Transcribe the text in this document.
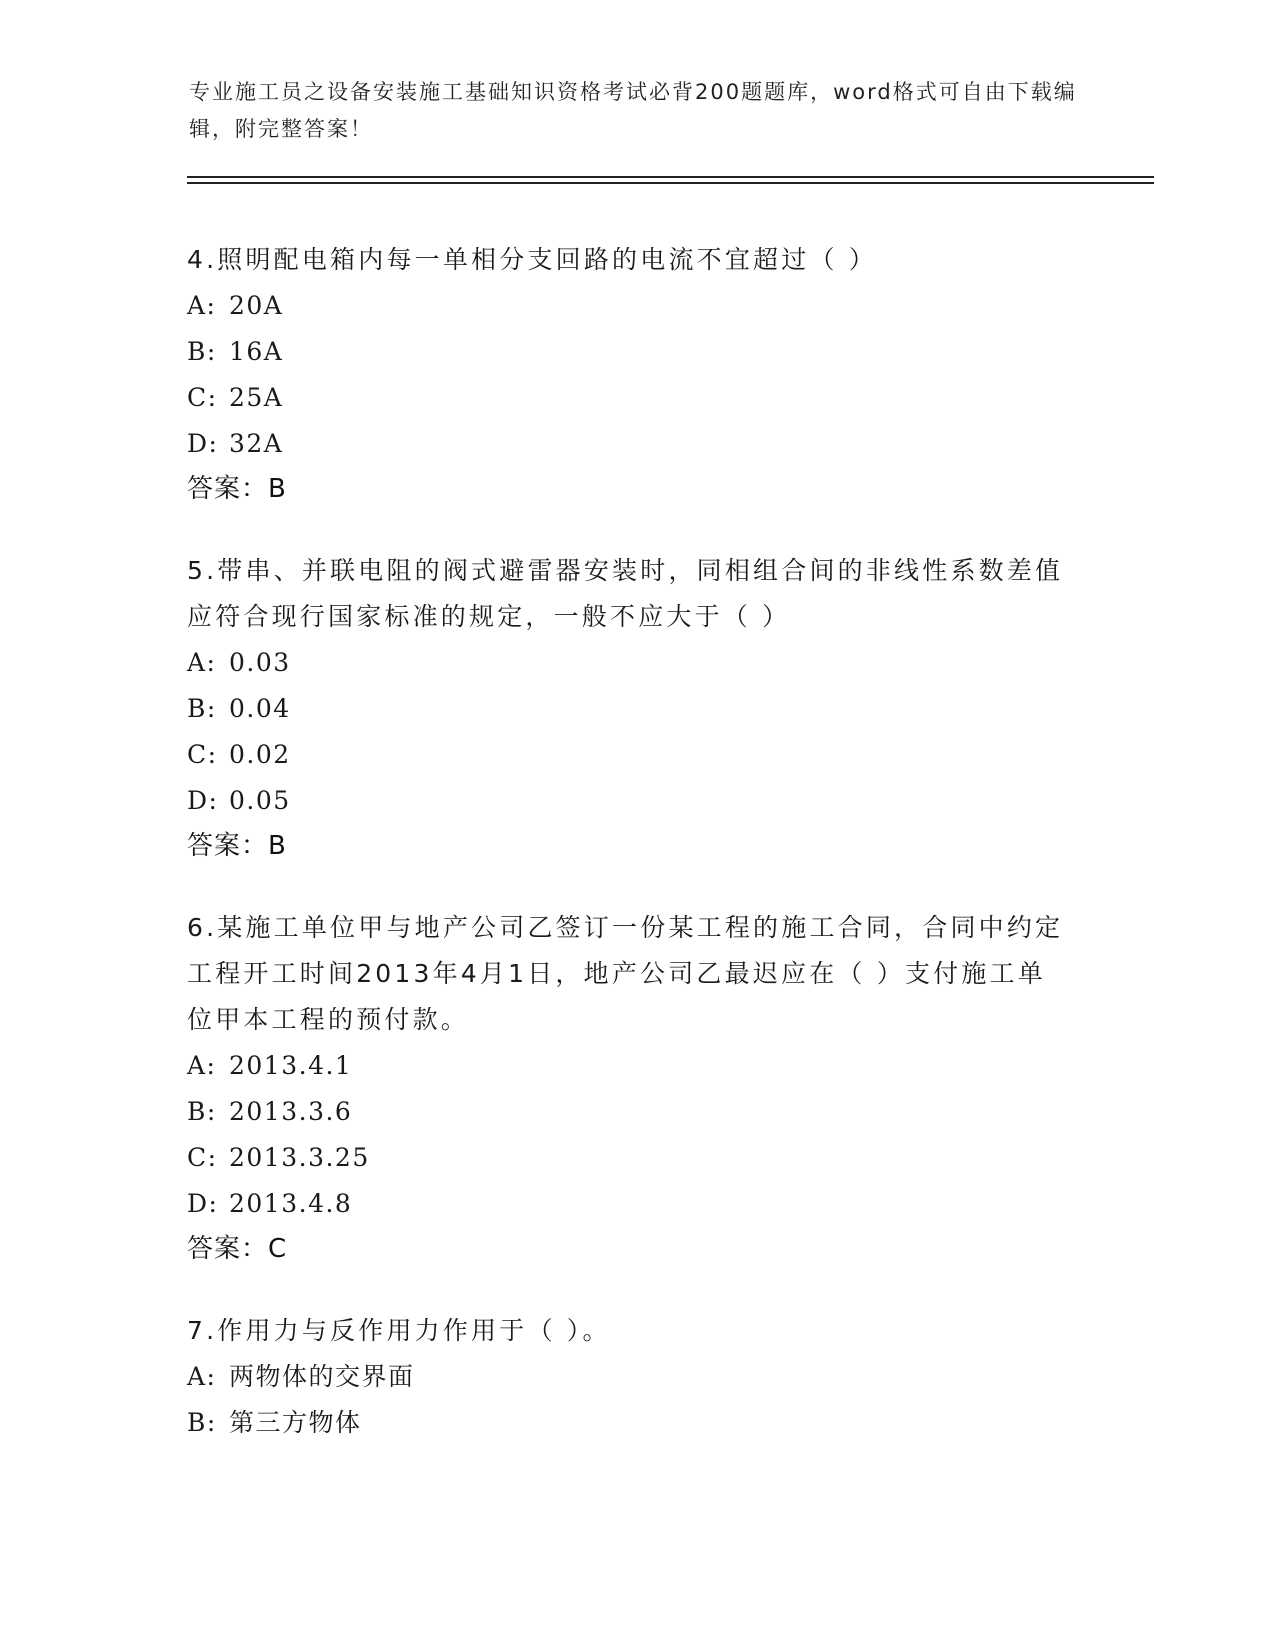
专业施工员之设备安装施工基础知识资格考试必背200题题库，word格式可自由下载编辑，附完整答案！

4.照明配电箱内每一单相分支回路的电流不宜超过（ ）

A: 20A

B: 16A

C: 25A

D: 32A

答案：B

5.带串、并联电阻的阀式避雷器安装时，同相组合间的非线性系数差值应符合现行国家标准的规定，一般不应大于（ ）

A: 0.03

B: 0.04

C: 0.02

D: 0.05

答案：B

6.某施工单位甲与地产公司乙签订一份某工程的施工合同，合同中约定工程开工时间2013年4月1日，地产公司乙最迟应在（ ）支付施工单位甲本工程的预付款。

A: 2013.4.1

B: 2013.3.6

C: 2013.3.25

D: 2013.4.8

答案：C

7.作用力与反作用力作用于（ ）。

A: 两物体的交界面

B: 第三方物体
